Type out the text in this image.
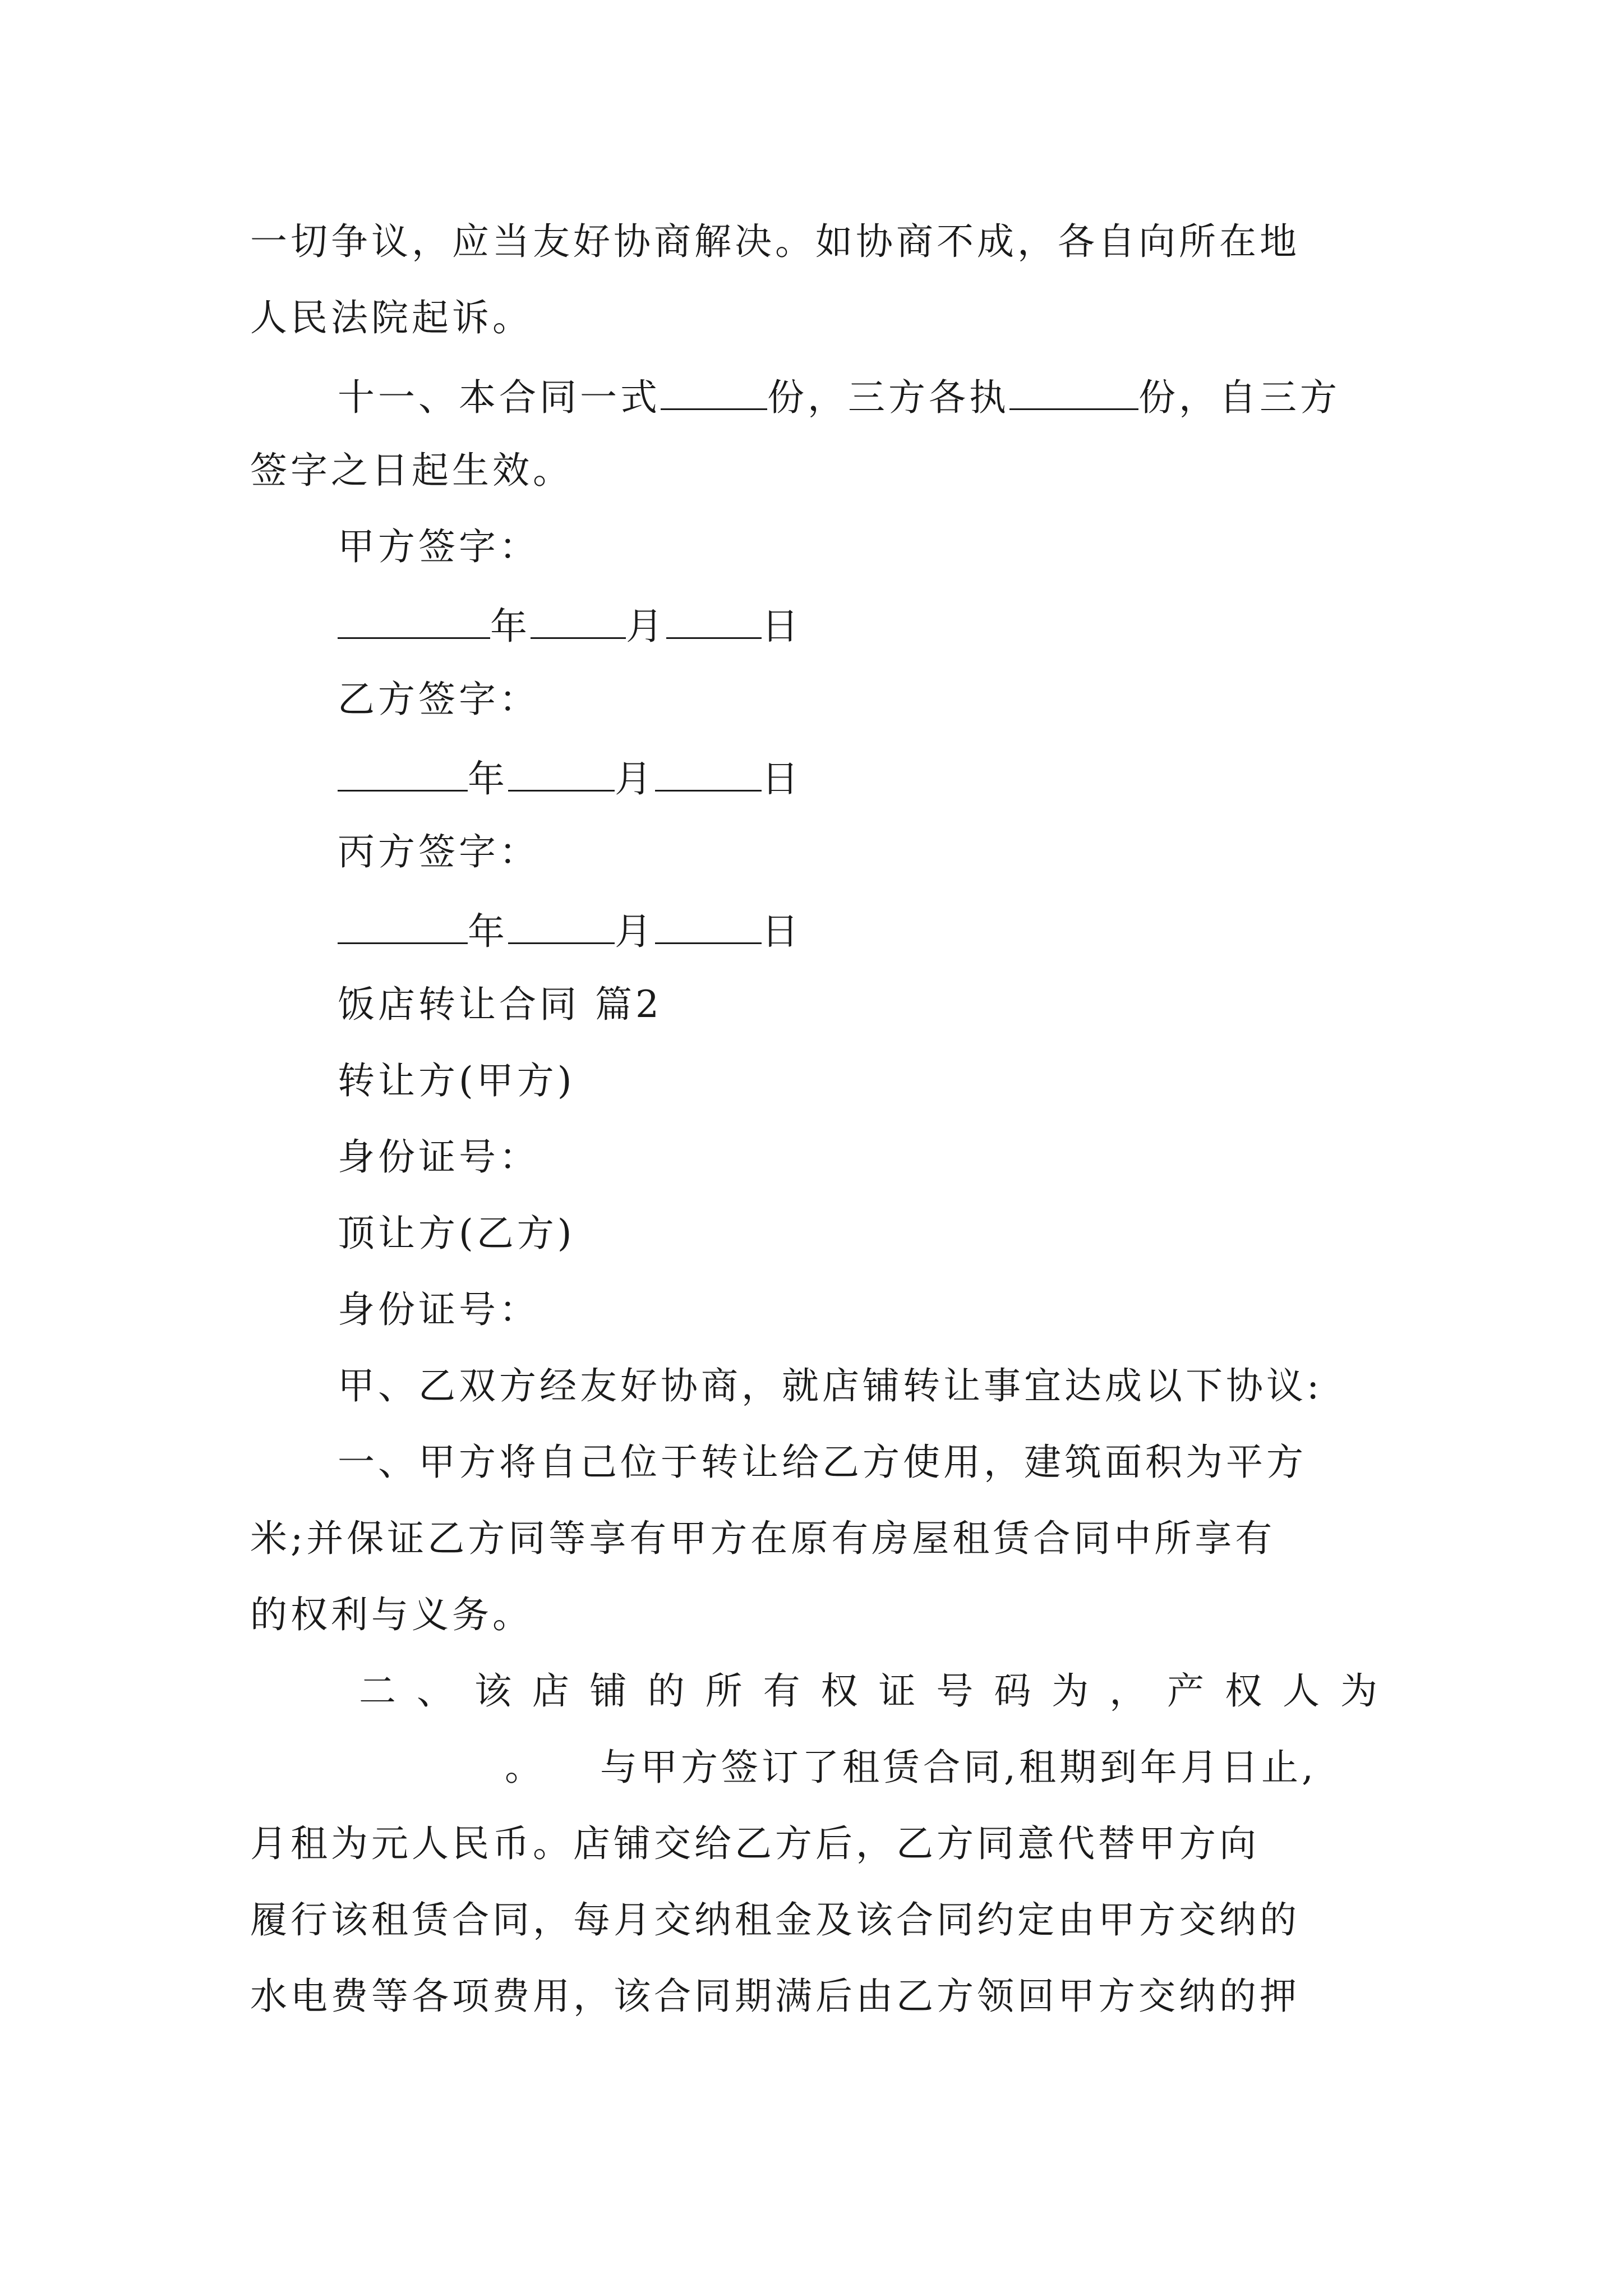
一切争议，应当友好协商解决。如协商不成，各自向所在地
人民法院起诉。
十一、本合同一式	份，三方各执	份，自三方
签字之日起生效。
甲方签字：
年	月	日
乙方签字：
年	月	日
丙方签字：
年	月	日
饭店转让合同 篇2
转让方(甲方)
身份证号：
顶让方(乙方)
身份证号：
甲、乙双方经友好协商，就店铺转让事宜达成以下协议:
一、甲方将自己位于转让给乙方使用，建筑面积为平方
米;并保证乙方同等享有甲方在原有房屋租赁合同中所享有
的权利与义务。
二 、 该 店 铺 的 所 有 权 证 号 码 为 ， 产 权 人 为
。 与甲方签订了租赁合同,租期到年月日止,
月租为元人民币。店铺交给乙方后，乙方同意代替甲方向
履行该租赁合同，每月交纳租金及该合同约定由甲方交纳的
水电费等各项费用，该合同期满后由乙方领回甲方交纳的押
